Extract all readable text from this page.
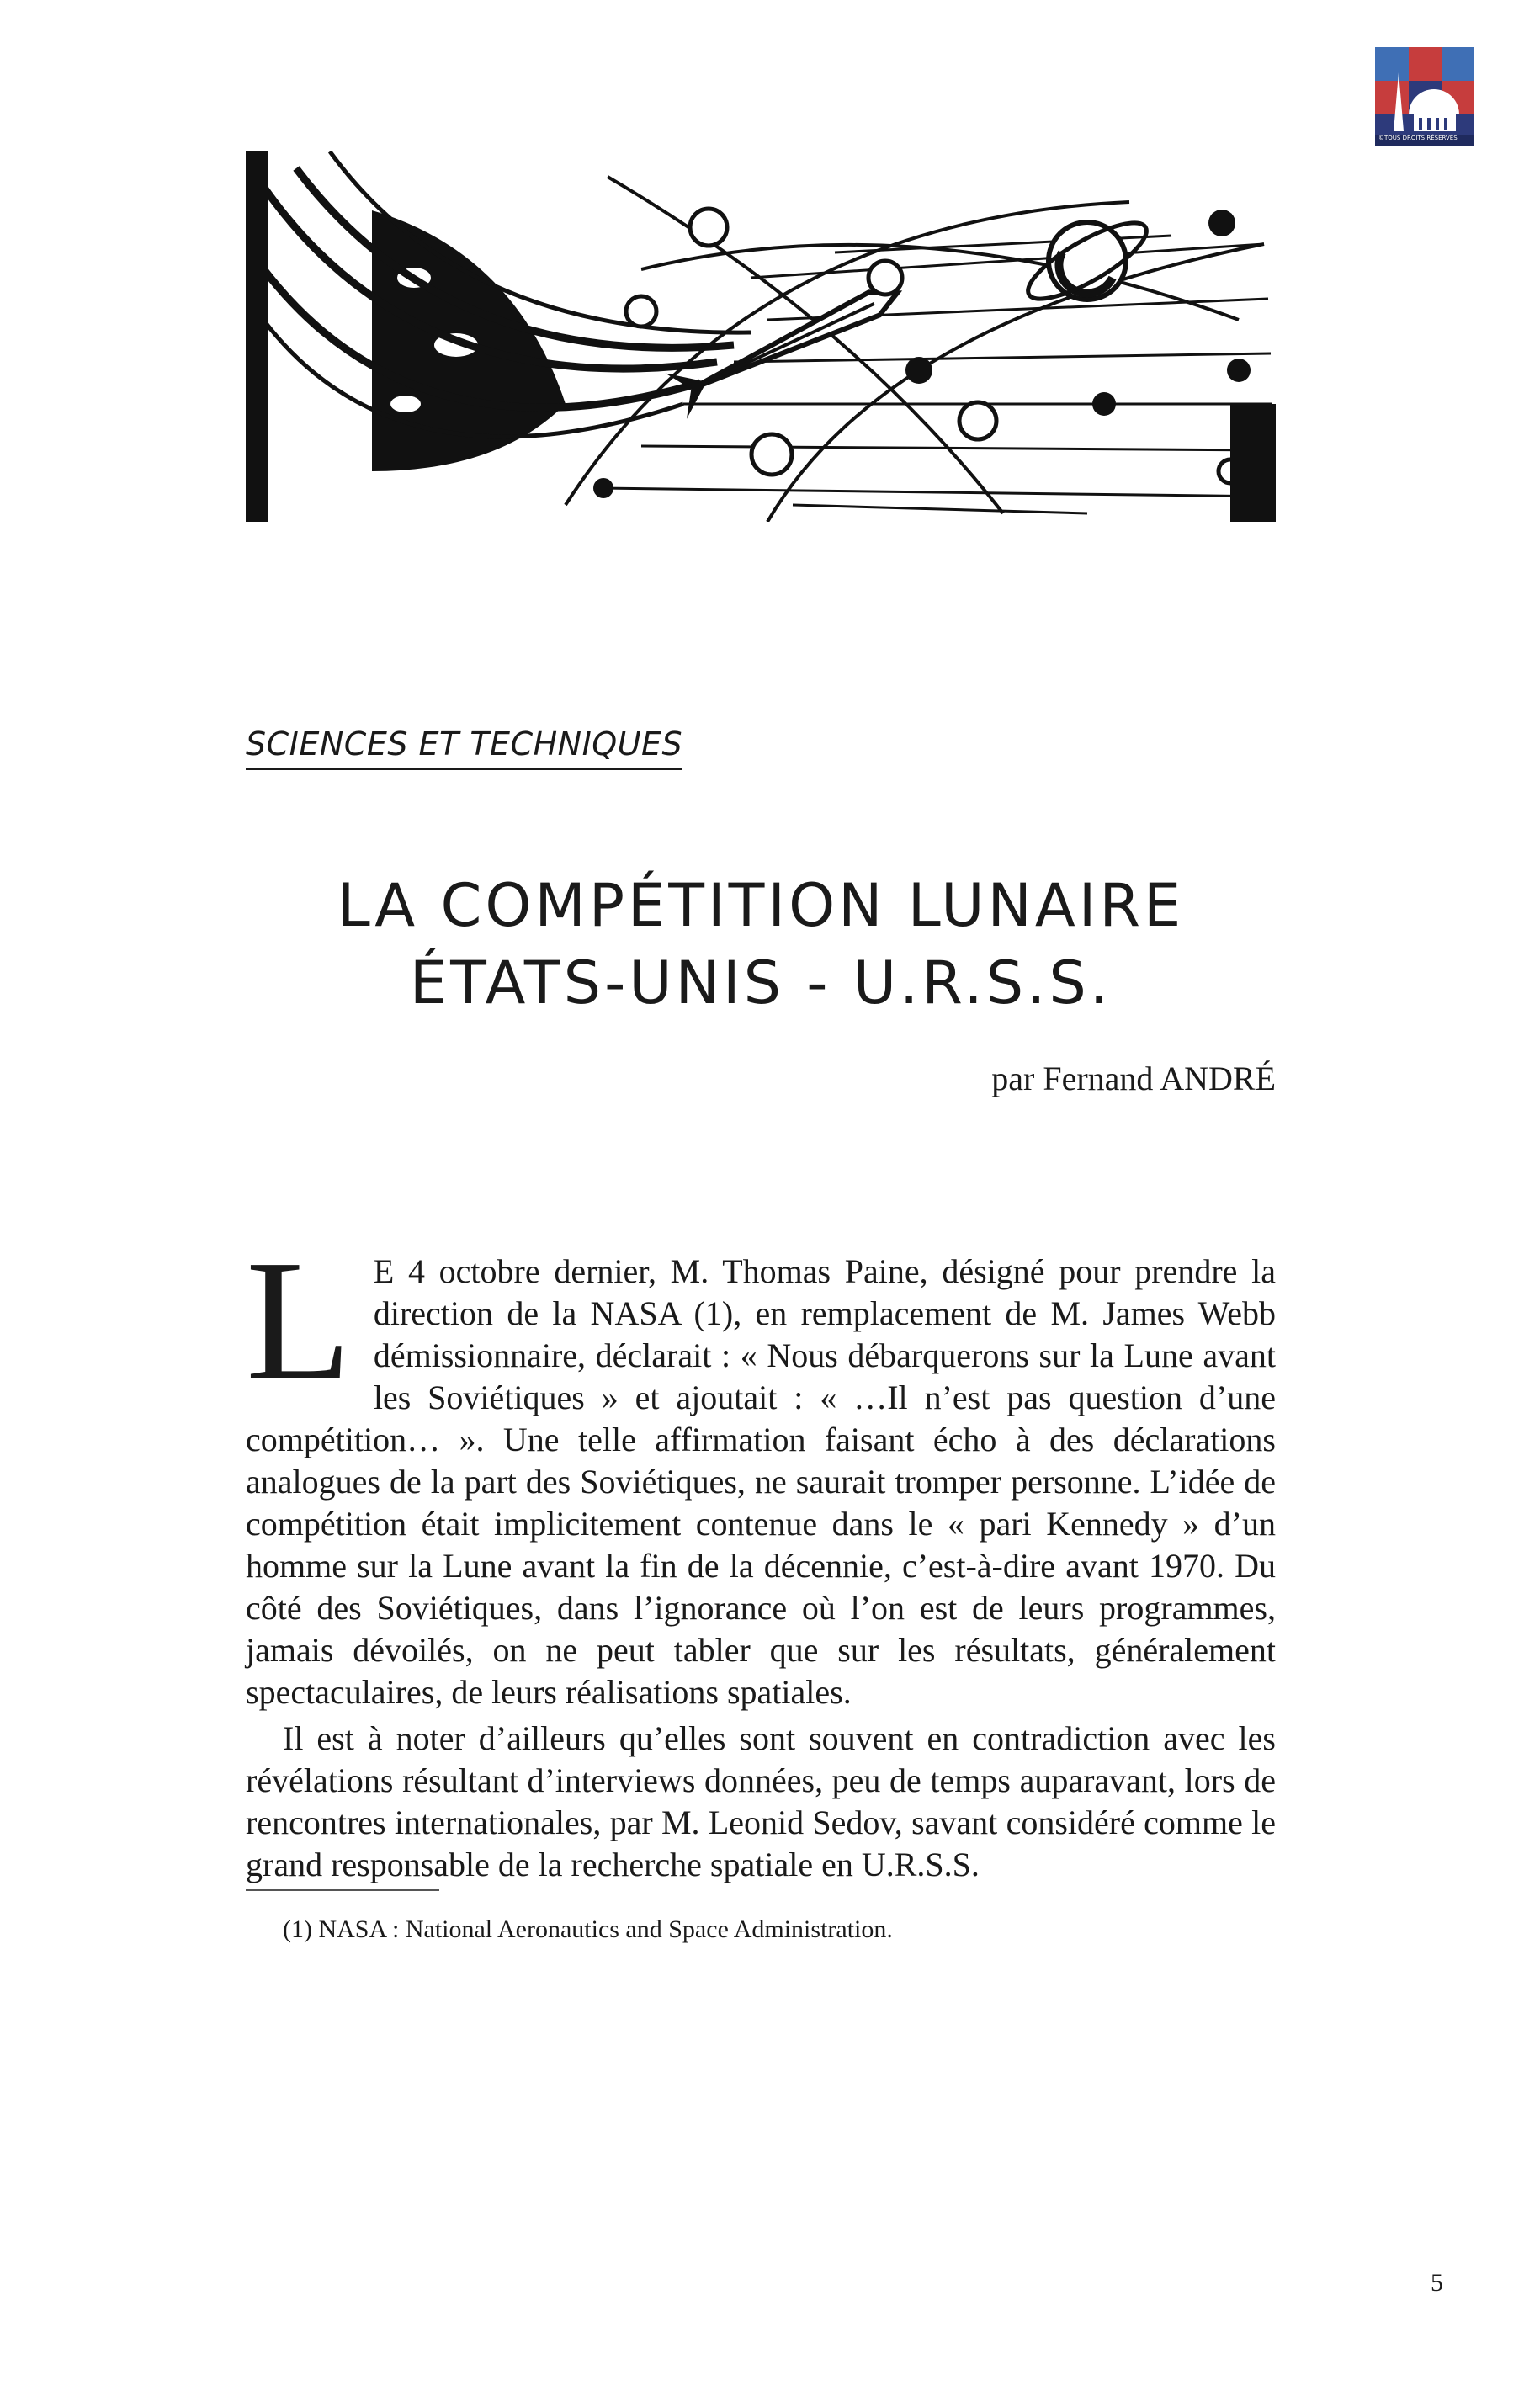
©TOUS DROITS RÉSERVÉS
SCIENCES ET TECHNIQUES
LA COMPÉTITION LUNAIRE
ÉTATS-UNIS - U.R.S.S.
par Fernand ANDRÉ

L E 4 octobre dernier, M. Thomas Paine, désigné pour prendre la direction de la NASA (1), en remplacement de M. James Webb démissionnaire, déclarait : « Nous débarquerons sur la Lune avant les Soviétiques » et ajoutait : « …Il n’est pas question d’une compétition… ». Une telle affirmation faisant écho à des déclarations analogues de la part des Soviétiques, ne saurait tromper personne. L’idée de compétition était implicitement contenue dans le « pari Kennedy » d’un homme sur la Lune avant la fin de la décennie, c’est-à-dire avant 1970. Du côté des Soviétiques, dans l’ignorance où l’on est de leurs programmes, jamais dévoilés, on ne peut tabler que sur les résultats, généralement spectaculaires, de leurs réalisations spatiales.

Il est à noter d’ailleurs qu’elles sont souvent en contradiction avec les révélations résultant d’interviews données, peu de temps auparavant, lors de rencontres internationales, par M. Leonid Sedov, savant considéré comme le grand responsable de la recherche spatiale en U.R.S.S.

(1) NASA : National Aeronautics and Space Administration.
5
